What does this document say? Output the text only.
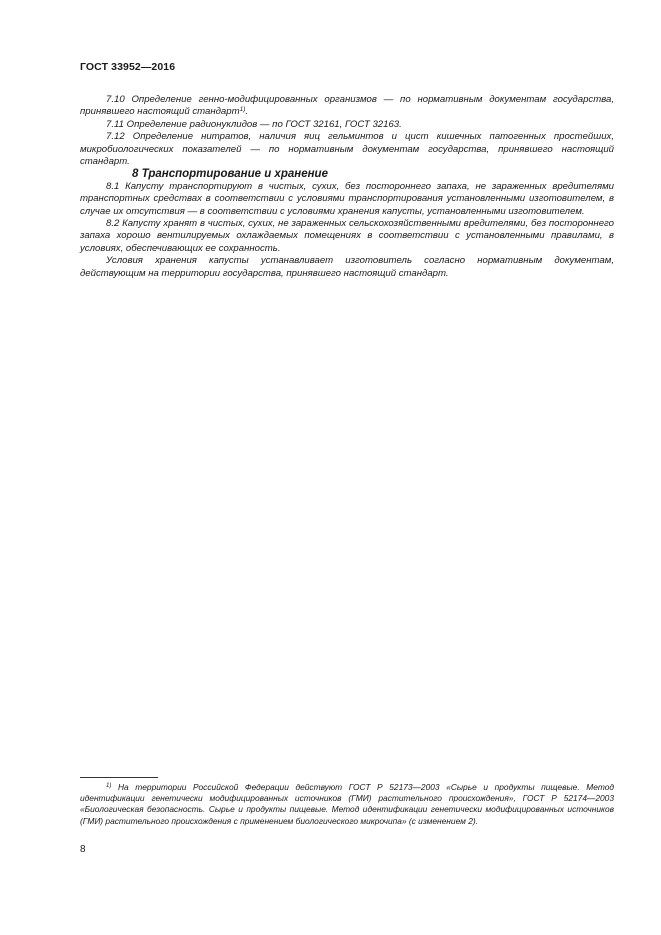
ГОСТ 33952—2016

7.10 Определение генно-модифицированных организмов — по нормативным документам государства, принявшего настоящий стандарт$^{1)}$.

7.11 Определение радионуклидов — по ГОСТ 32161, ГОСТ 32163.

7.12 Определение нитратов, наличия яиц гельминтов и цист кишечных патогенных простейших, микробиологических показателей — по нормативным документам государства, принявшего настоящий стандарт.

8 Транспортирование и хранение

8.1 Капусту транспортируют в чистых, сухих, без постороннего запаха, не зараженных вредителями транспортных средствах в соответствии с условиями транспортирования установленными изготовителем, в случае их отсутствия — в соответствии с условиями хранения капусты, установленными изготовителем.

8.2 Капусту хранят в чистых, сухих, не зараженных сельскохозяйственными вредителями, без постороннего запаха хорошо вентилируемых охлаждаемых помещениях в соответствии с установленными правилами, в условиях, обеспечивающих ее сохранность.

Условия хранения капусты устанавливает изготовитель согласно нормативным документам, действующим на территории государства, принявшего настоящий стандарт.

$^{1)}$ На территории Российской Федерации действуют ГОСТ Р 52173—2003 «Сырье и продукты пищевые. Метод идентификации генетически модифицированных источников (ГМИ) растительного происхождения», ГОСТ Р 52174—2003 «Биологическая безопасность. Сырье и продукты пищевые. Метод идентификации генетически модифицированных источников (ГМИ) растительного происхождения с применением биологического микрочипа» (с изменением 2).

8
